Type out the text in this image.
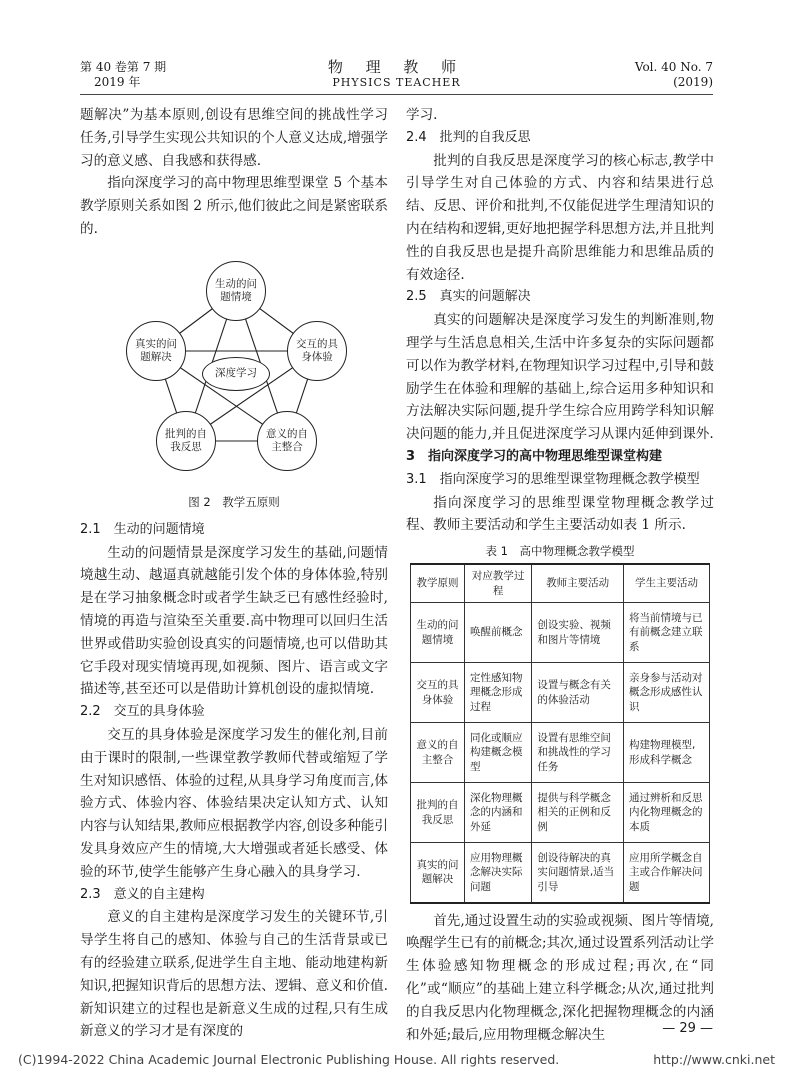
第 40 卷第 7 期
2019 年
物 理 教 师
PHYSICS TEACHER
Vol. 40 No. 7
(2019)

题解决”为基本原则,创设有思维空间的挑战性学习任务,引导学生实现公共知识的个人意义达成,增强学习的意义感、自我感和获得感.

指向深度学习的高中物理思维型课堂 5 个基本教学原则关系如图 2 所示,他们彼此之间是紧密联系的.

生动的问题情境
交互的具身体验
意义的自主整合
批判的自我反思
真实的问题解决
深度学习
图 2　教学五原则
2.1　生动的问题情境

生动的问题情景是深度学习发生的基础,问题情境越生动、越逼真就越能引发个体的身体体验,特别是在学习抽象概念时或者学生缺乏已有感性经验时,情境的再造与渲染至关重要.高中物理可以回归生活世界或借助实验创设真实的问题情境,也可以借助其它手段对现实情境再现,如视频、图片、语言或文字描述等,甚至还可以是借助计算机创设的虚拟情境.

2.2　交互的具身体验

交互的具身体验是深度学习发生的催化剂,目前由于课时的限制,一些课堂教学教师代替或缩短了学生对知识感悟、体验的过程,从具身学习角度而言,体验方式、体验内容、体验结果决定认知方式、认知内容与认知结果,教师应根据教学内容,创设多种能引发具身效应产生的情境,大大增强或者延长感受、体验的环节,使学生能够产生身心融入的具身学习.

2.3　意义的自主建构

意义的自主建构是深度学习发生的关键环节,引导学生将自己的感知、体验与自己的生活背景或已有的经验建立联系,促进学生自主地、能动地建构新知识,把握知识背后的思想方法、逻辑、意义和价值.新知识建立的过程也是新意义生成的过程,只有生成新意义的学习才是有深度的

学习.

2.4　批判的自我反思

批判的自我反思是深度学习的核心标志,教学中引导学生对自己体验的方式、内容和结果进行总结、反思、评价和批判,不仅能促进学生理清知识的内在结构和逻辑,更好地把握学科思想方法,并且批判性的自我反思也是提升高阶思维能力和思维品质的有效途径.

2.5　真实的问题解决

真实的问题解决是深度学习发生的判断准则,物理学与生活息息相关,生活中许多复杂的实际问题都可以作为教学材料,在物理知识学习过程中,引导和鼓励学生在体验和理解的基础上,综合运用多种知识和方法解决实际问题,提升学生综合应用跨学科知识解决问题的能力,并且促进深度学习从课内延伸到课外.

3　指向深度学习的高中物理思维型课堂构建
3.1　指向深度学习的思维型课堂物理概念教学模型

指向深度学习的思维型课堂物理概念教学过程、教师主要活动和学生主要活动如表 1 所示.

表 1　高中物理概念教学模型
教学原则	对应教学过程	教师主要活动	学生主要活动
生动的问题情境	唤醒前概念	创设实验、视频和图片等情境	将当前情境与已有前概念建立联系
交互的具身体验	定性感知物理概念形成过程	设置与概念有关的体验活动	亲身参与活动对概念形成感性认识
意义的自主整合	同化或顺应构建概念模型	设置有思维空间和挑战性的学习任务	构建物理模型,形成科学概念
批判的自我反思	深化物理概念的内涵和外延	提供与科学概念相关的正例和反例	通过辨析和反思内化物理概念的本质
真实的问题解决	应用物理概念解决实际问题	创设待解决的真实问题情景,适当引导	应用所学概念自主或合作解决问题

首先,通过设置生动的实验或视频、图片等情境,唤醒学生已有的前概念;其次,通过设置系列活动让学生体验感知物理概念的形成过程;再次,在“同化”或“顺应”的基础上建立科学概念;从次,通过批判的自我反思内化物理概念,深化把握物理概念的内涵和外延;最后,应用物理概念解决生	— 29 —
(C)1994-2022 China Academic Journal Electronic Publishing House. All rights reserved.	http://www.cnki.net
